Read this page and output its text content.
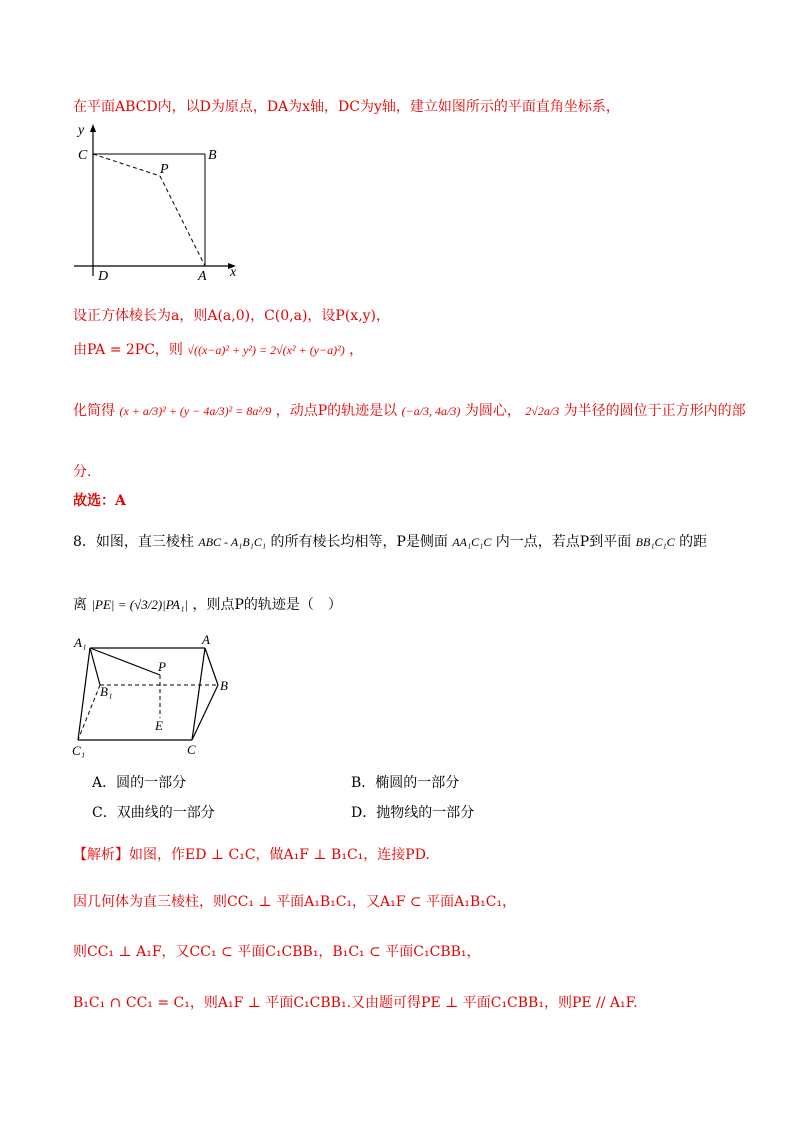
在平面ABCD内，以D为原点，DA为x轴，DC为y轴，建立如图所示的平面直角坐标系，
y
C	B
P
D	A x
设正方体棱长为a，则A(a,0)，C(0,a)，设P(x,y)，
由PA = 2PC，则 √((x−a)² + y²) = 2√(x² + (y−a)²) ，
化简得 (x + a/3)² + (y − 4a/3)² = 8a²/9 ，动点P的轨迹是以 (−a/3, 4a/3) 为圆心， 2√2a/3 为半径的圆位于正方形内的部
分.
故选：A
8．如图，直三棱柱 ABC - A₁B₁C₁ 的所有棱长均相等，P是侧面 AA₁C₁C 内一点，若点P到平面 BB₁C₁C 的距
离 |PE| = (√3/2)|PA₁| ，则点P的轨迹是（　）
A₁	A
P
B₁	B
E
C₁	C
A．圆的一部分	B．椭圆的一部分
C．双曲线的一部分	D．抛物线的一部分
【解析】如图，作ED ⊥ C₁C，做A₁F ⊥ B₁C₁，连接PD.
因几何体为直三棱柱，则CC₁ ⊥ 平面A₁B₁C₁，又A₁F ⊂ 平面A₁B₁C₁，
则CC₁ ⊥ A₁F，又CC₁ ⊂ 平面C₁CBB₁，B₁C₁ ⊂ 平面C₁CBB₁，
B₁C₁ ∩ CC₁ = C₁，则A₁F ⊥ 平面C₁CBB₁.又由题可得PE ⊥ 平面C₁CBB₁，则PE // A₁F.
